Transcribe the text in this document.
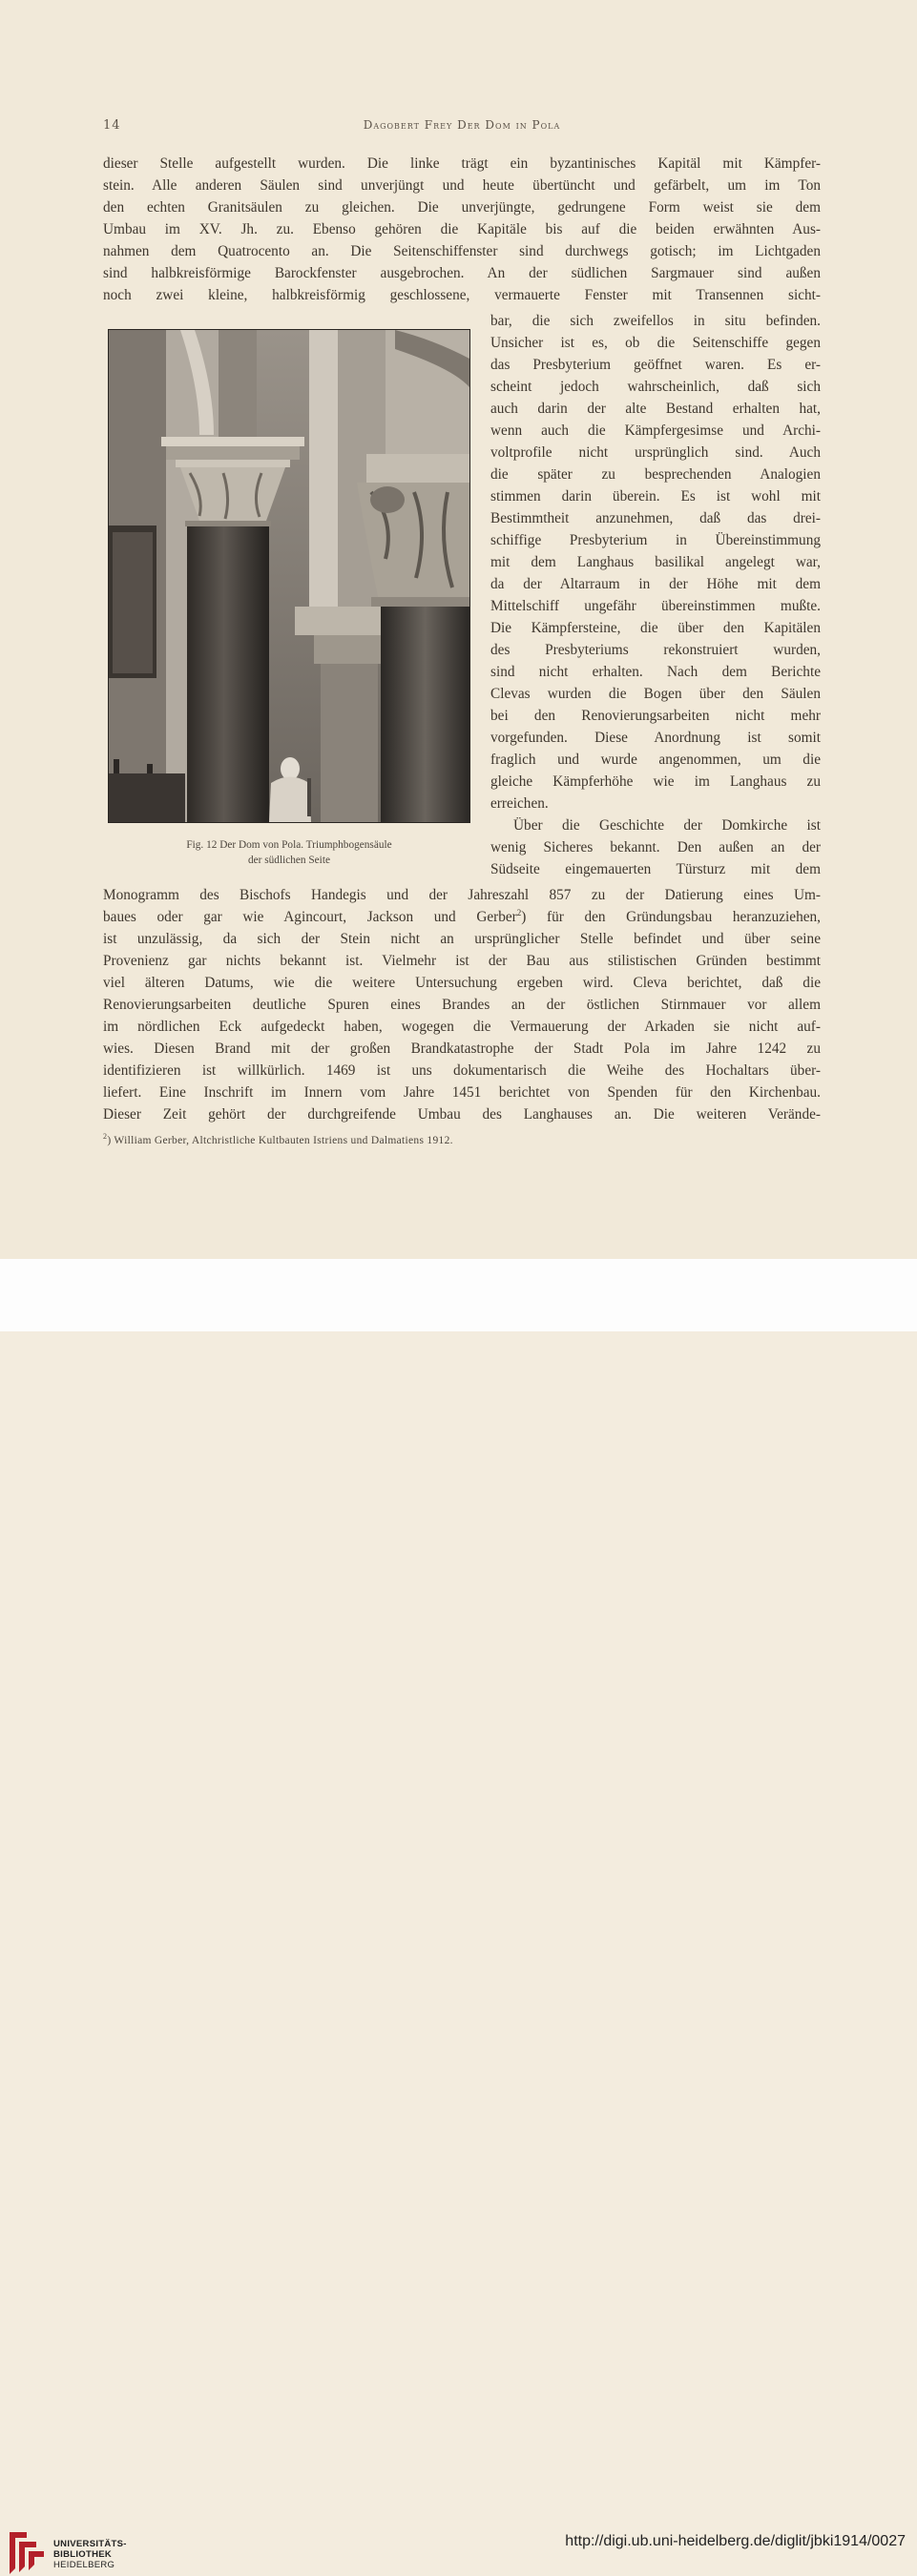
14	Dagobert Frey Der Dom in Pola
dieser Stelle aufgestellt wurden. Die linke trägt ein byzantinisches Kapitäl mit Kämpfer-
stein. Alle anderen Säulen sind unverjüngt und heute übertüncht und gefärbelt, um im Ton
den echten Granitsäulen zu gleichen. Die unverjüngte, gedrungene Form weist sie dem
Umbau im XV. Jh. zu. Ebenso gehören die Kapitäle bis auf die beiden erwähnten Aus-
nahmen dem Quatrocento an. Die Seitenschiffenster sind durchwegs gotisch; im Lichtgaden
sind halbkreisförmige Barockfenster ausgebrochen. An der südlichen Sargmauer sind außen
noch zwei kleine, halbkreisförmig geschlossene, vermauerte Fenster mit Transennen sicht-
bar, die sich zweifellos in situ befinden.
Unsicher ist es, ob die Seitenschiffe gegen
das Presbyterium geöffnet waren. Es er-
scheint jedoch wahrscheinlich, daß sich
auch darin der alte Bestand erhalten hat,
wenn auch die Kämpfergesimse und Archi-
voltprofile nicht ursprünglich sind. Auch
die später zu besprechenden Analogien
stimmen darin überein. Es ist wohl mit
Bestimmtheit anzunehmen, daß das drei-
schiffige Presbyterium in Übereinstimmung
mit dem Langhaus basilikal angelegt war,
da der Altarraum in der Höhe mit dem
Mittelschiff ungefähr übereinstimmen mußte.
Die Kämpfersteine, die über den Kapitälen
des Presbyteriums rekonstruiert wurden,
sind nicht erhalten. Nach dem Berichte
Clevas wurden die Bogen über den Säulen
bei den Renovierungsarbeiten nicht mehr
vorgefunden. Diese Anordnung ist somit
fraglich und wurde angenommen, um die
gleiche Kämpferhöhe wie im Langhaus zu
erreichen.
Über die Geschichte der Domkirche ist
wenig Sicheres bekannt. Den außen an der
Südseite eingemauerten Türsturz mit dem
Monogramm des Bischofs Handegis und der Jahreszahl 857 zu der Datierung eines Um-
baues oder gar wie Agincourt, Jackson und Gerber$^2$) für den Gründungsbau heranzuziehen,
ist unzulässig, da sich der Stein nicht an ursprünglicher Stelle befindet und über seine
Provenienz gar nichts bekannt ist. Vielmehr ist der Bau aus stilistischen Gründen bestimmt
viel älteren Datums, wie die weitere Untersuchung ergeben wird. Cleva berichtet, daß die
Renovierungsarbeiten deutliche Spuren eines Brandes an der östlichen Stirnmauer vor allem
im nördlichen Eck aufgedeckt haben, wogegen die Vermauerung der Arkaden sie nicht auf-
wies. Diesen Brand mit der großen Brandkatastrophe der Stadt Pola im Jahre 1242 zu
identifizieren ist willkürlich. 1469 ist uns dokumentarisch die Weihe des Hochaltars über-
liefert. Eine Inschrift im Innern vom Jahre 1451 berichtet von Spenden für den Kirchenbau.
Dieser Zeit gehört der durchgreifende Umbau des Langhauses an. Die weiteren Verände-
Fig. 12 Der Dom von Pola. Triumphbogensäule
der südlichen Seite
$^2$) William Gerber, Altchristliche Kultbauten Istriens und Dalmatiens 1912.
UNIVERSITÄTS-
BIBLIOTHEK
HEIDELBERG
http://digi.ub.uni-heidelberg.de/diglit/jbki1914/0027
